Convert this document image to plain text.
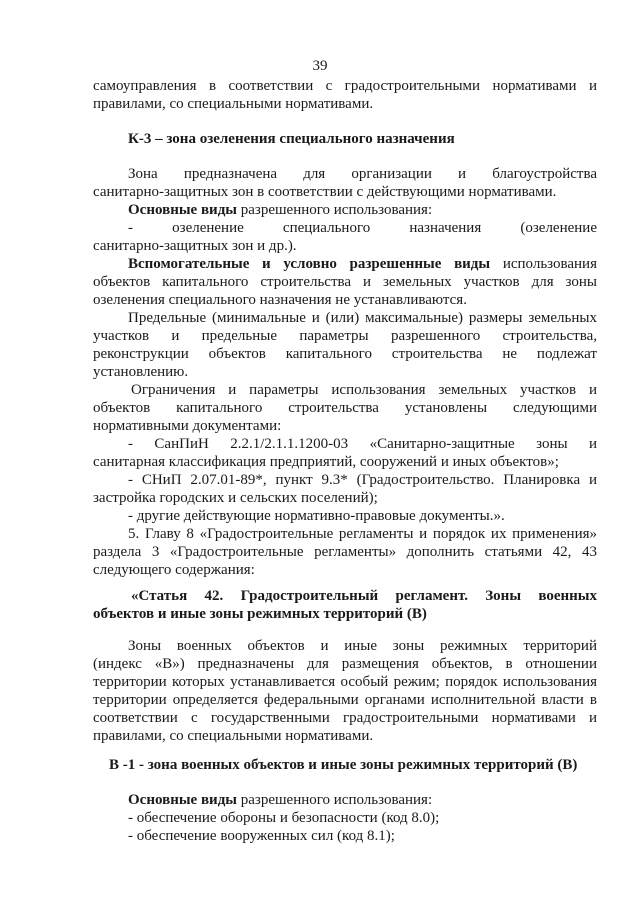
39
самоуправления в соответствии с градостроительными нормативами и
правилами, со специальными нормативами.
К-3 – зона озеленения специального назначения
Зона предназначена для организации и благоустройства
санитарно-защитных зон в соответствии с действующими нормативами.
Основные виды разрешенного использования:
- озеленение специального назначения (озеленение
санитарно-защитных зон и др.).
Вспомогательные и условно разрешенные виды использования
объектов капитального строительства и земельных участков для зоны
озеленения специального назначения не устанавливаются.
Предельные (минимальные и (или) максимальные) размеры земельных
участков и предельные параметры разрешенного строительства,
реконструкции объектов капитального строительства не подлежат
установлению.
Ограничения и параметры использования земельных участков и
объектов капитального строительства установлены следующими
нормативными документами:
- СанПиН 2.2.1/2.1.1.1200-03 «Санитарно-защитные зоны и
санитарная классификация предприятий, сооружений и иных объектов»;
- СНиП 2.07.01-89*, пункт 9.3* (Градостроительство. Планировка и
застройка городских и сельских поселений);
- другие действующие нормативно-правовые документы.».
5. Главу 8 «Градостроительные регламенты и порядок их применения»
раздела 3 «Градостроительные регламенты» дополнить статьями 42, 43
следующего содержания:
«Статья 42. Градостроительный регламент. Зоны военных
объектов и иные зоны режимных территорий (В)
Зоны военных объектов и иные зоны режимных территорий
(индекс «В») предназначены для размещения объектов, в отношении
территории которых устанавливается особый режим; порядок использования
территории определяется федеральными органами исполнительной власти в
соответствии с государственными градостроительными нормативами и
правилами, со специальными нормативами.
В -1 - зона военных объектов и иные зоны режимных территорий (В)
Основные виды разрешенного использования:
- обеспечение обороны и безопасности (код 8.0);
- обеспечение вооруженных сил (код 8.1);
